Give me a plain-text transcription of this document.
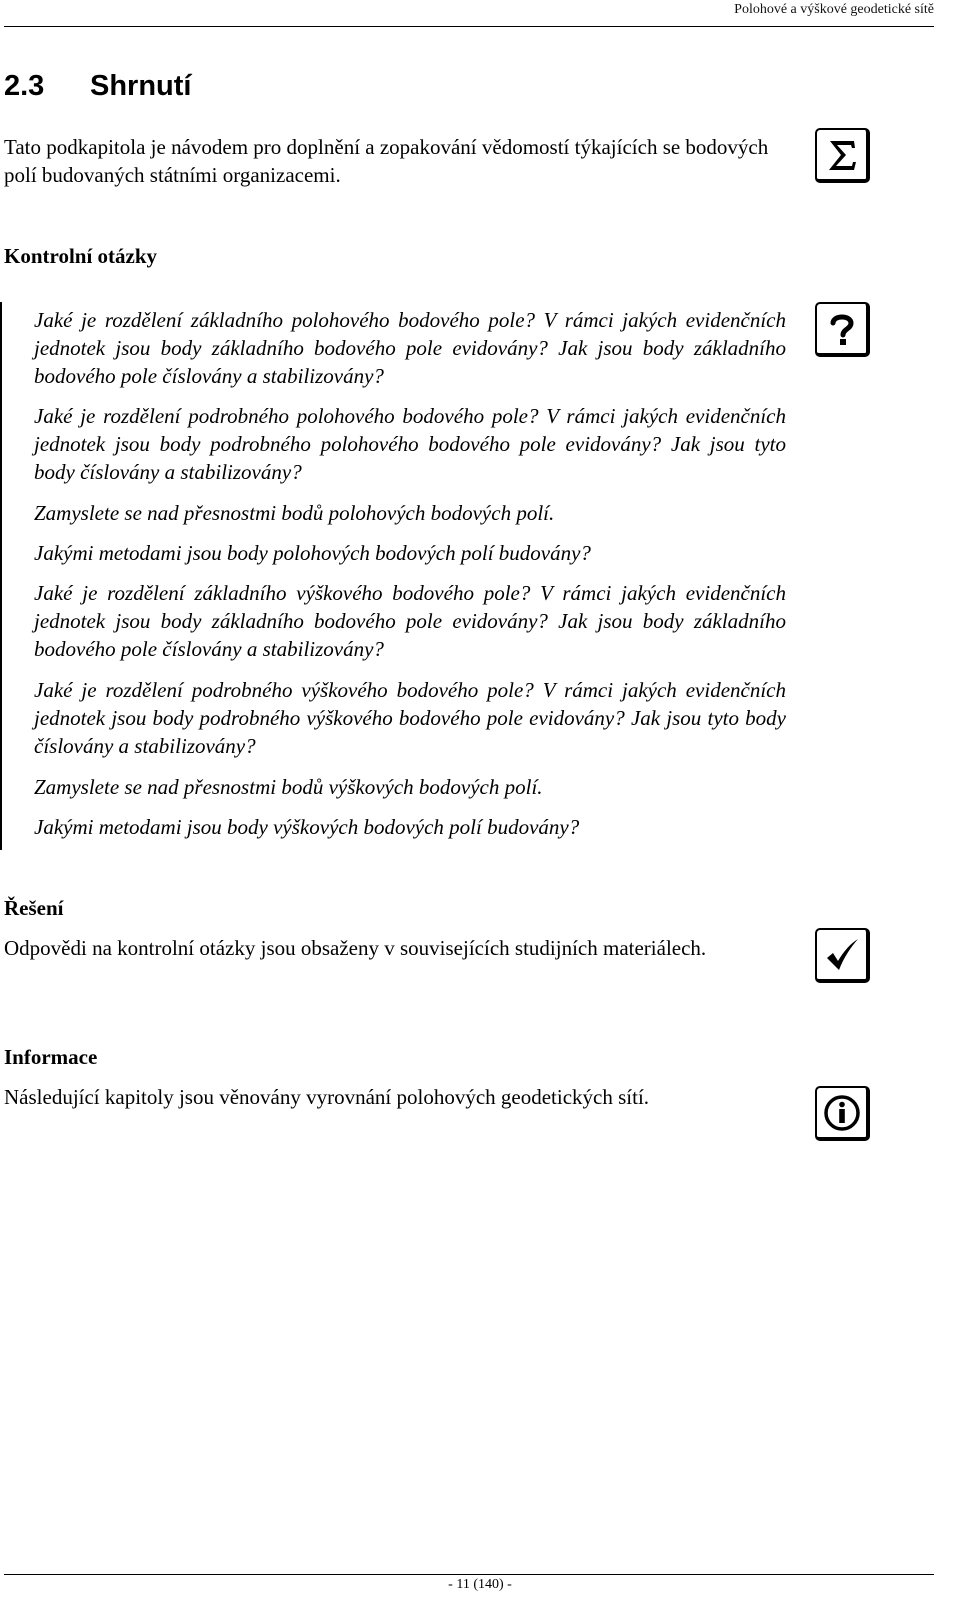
Polohové a výškové geodetické sítě
2.3 Shrnutí

Tato podkapitola je návodem pro doplnění a zopakování vědomostí týkajících se bodových polí budovaných státními organizacemi.

Kontrolní otázky

Jaké je rozdělení základního polohového bodového pole? V rámci jakých evidenčních jednotek jsou body základního bodového pole evidovány? Jak jsou body základního bodového pole číslovány a stabilizovány?

Jaké je rozdělení podrobného polohového bodového pole? V rámci jakých evidenčních jednotek jsou body podrobného polohového bodového pole evidovány? Jak jsou tyto body číslovány a stabilizovány?

Zamyslete se nad přesnostmi bodů polohových bodových polí.

Jakými metodami jsou body polohových bodových polí budovány?

Jaké je rozdělení základního výškového bodového pole? V rámci jakých evidenčních jednotek jsou body základního bodového pole evidovány? Jak jsou body základního bodového pole číslovány a stabilizovány?

Jaké je rozdělení podrobného výškového bodového pole? V rámci jakých evidenčních jednotek jsou body podrobného výškového bodového pole evidovány? Jak jsou tyto body číslovány a stabilizovány?

Zamyslete se nad přesnostmi bodů výškových bodových polí.

Jakými metodami jsou body výškových bodových polí budovány?

Řešení

Odpovědi na kontrolní otázky jsou obsaženy v souvisejících studijních materiálech.

Informace

Následující kapitoly jsou věnovány vyrovnání polohových geodetických sítí.

- 11 (140) -
